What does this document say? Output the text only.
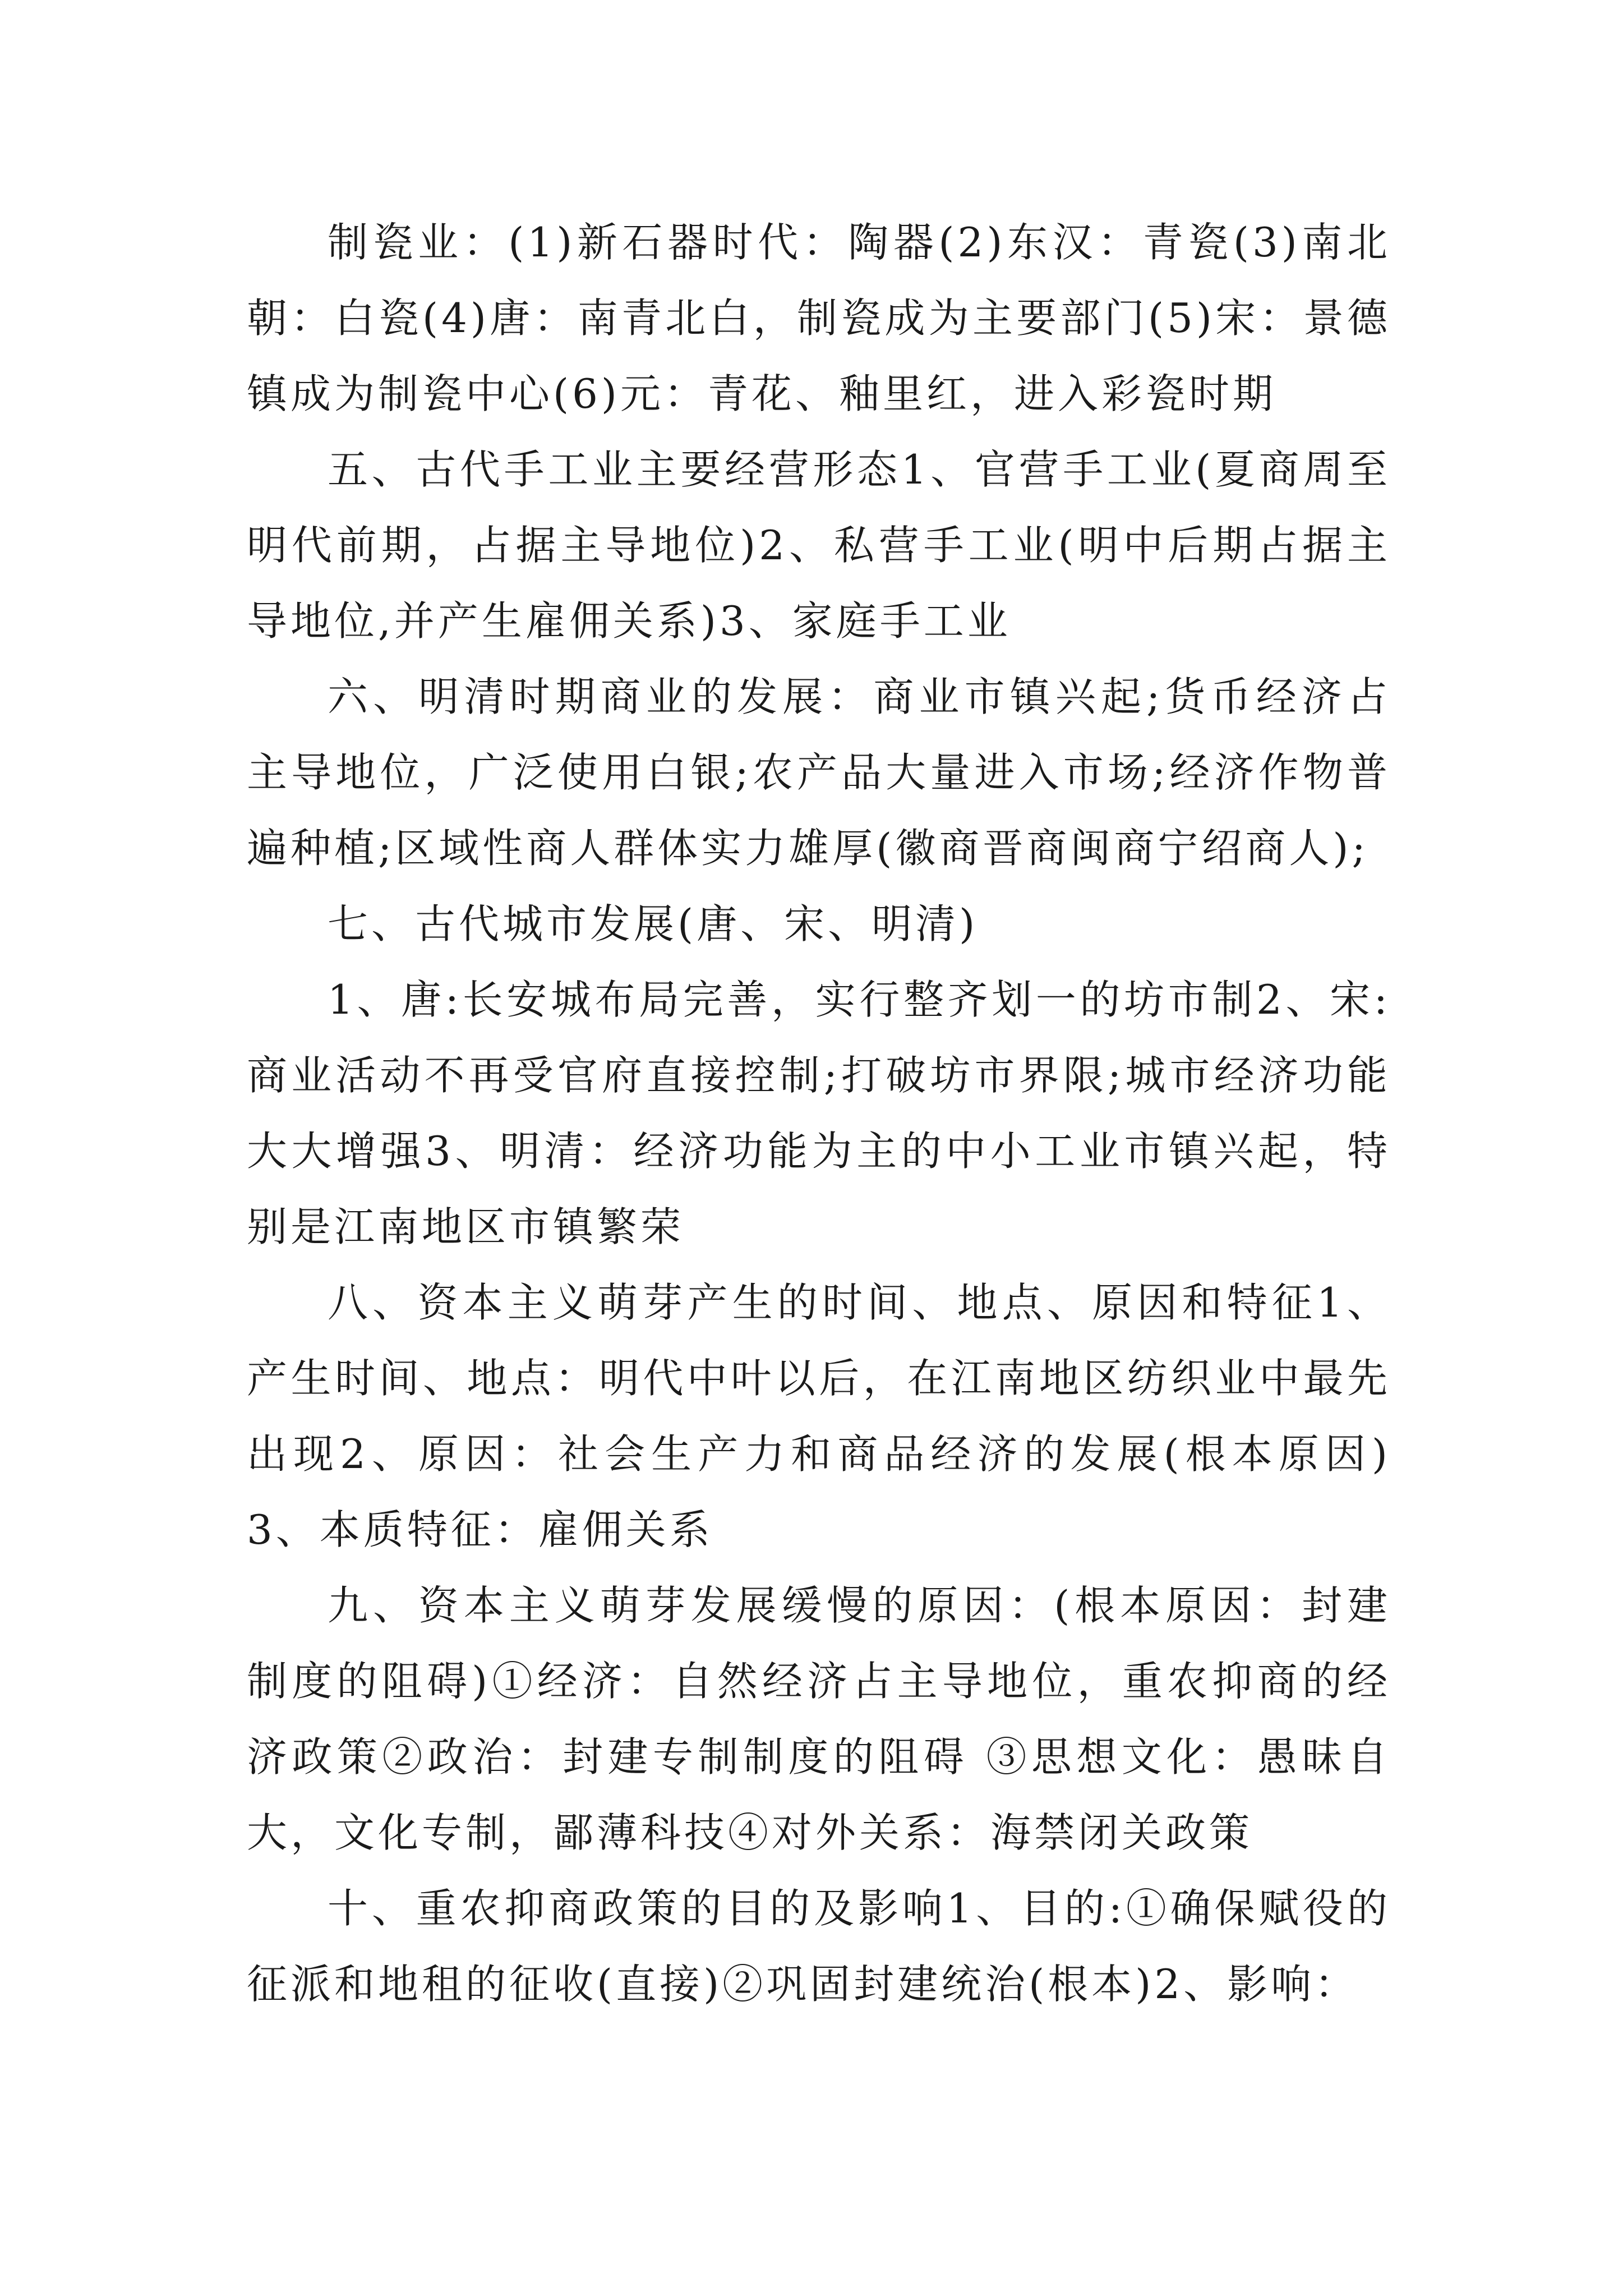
制瓷业：(1)新石器时代：陶器(2)东汉：青瓷(3)南北朝：白瓷(4)唐：南青北白，制瓷成为主要部门(5)宋：景德镇成为制瓷中心(6)元：青花、釉里红，进入彩瓷时期

五、古代手工业主要经营形态1、官营手工业(夏商周至明代前期，占据主导地位)2、私营手工业(明中后期占据主导地位,并产生雇佣关系)3、家庭手工业

六、明清时期商业的发展：商业市镇兴起;货币经济占主导地位，广泛使用白银;农产品大量进入市场;经济作物普遍种植;区域性商人群体实力雄厚(徽商晋商闽商宁绍商人);

七、古代城市发展(唐、宋、明清)

1、唐:长安城布局完善，实行整齐划一的坊市制2、宋:商业活动不再受官府直接控制;打破坊市界限;城市经济功能大大增强3、明清：经济功能为主的中小工业市镇兴起，特别是江南地区市镇繁荣

八、资本主义萌芽产生的时间、地点、原因和特征1、产生时间、地点：明代中叶以后，在江南地区纺织业中最先出现2、原因：社会生产力和商品经济的发展(根本原因)3、本质特征：雇佣关系

九、资本主义萌芽发展缓慢的原因：(根本原因：封建制度的阻碍)①经济：自然经济占主导地位，重农抑商的经济政策②政治：封建专制制度的阻碍 ③思想文化：愚昧自大，文化专制，鄙薄科技④对外关系：海禁闭关政策

十、重农抑商政策的目的及影响1、目的:①确保赋役的征派和地租的征收(直接)②巩固封建统治(根本)2、影响：
